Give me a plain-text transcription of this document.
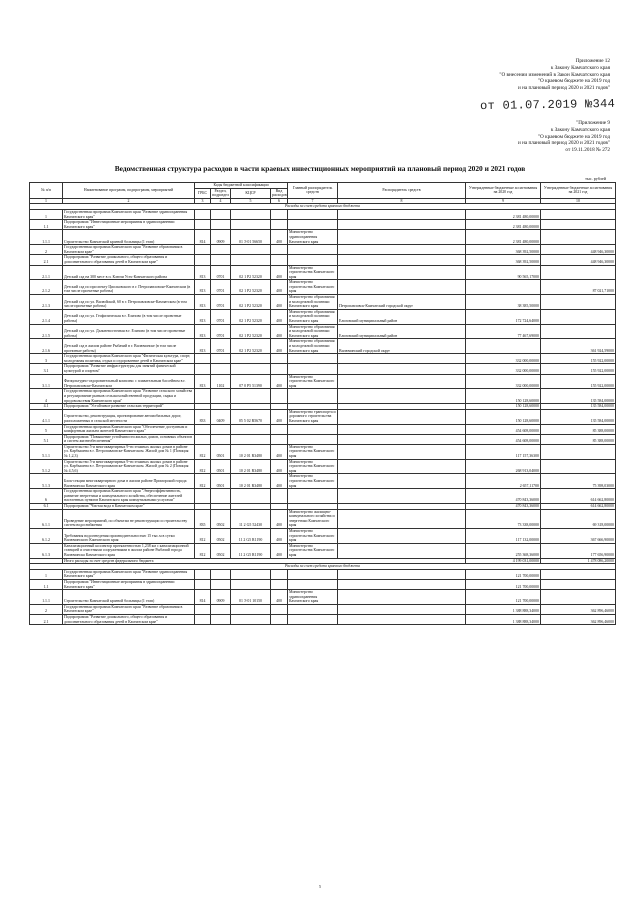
Приложение 12
к Закону Камчатского края
"О внесении изменений в Закон Камчатского края
"О краевом бюджете на 2019 год
и на плановый период 2020 и 2021 годов"
от 01.07.2019 №344
"Приложение 9
к Закону Камчатского края
"О краевом бюджете на 2019 год
и на плановый период 2020 и 2021 годов"
от 19.11.2018 № 272
Ведомственная структура расходов в части краевых инвестиционных мероприятий на плановый период 2020 и 2021 годов
тыс. рублей
№ п/п	Наименование программ, подпрограмм, мероприятий	Коды бюджетной классификации				Главный распорядитель средств	Распорядитель средств	Утвержденные бюджетные ассигнования на 2020 год	Утвержденные бюджетные ассигнования на 2021 год
		ГРБС	Раздел, подраздел	КЦСР	Вид расходов				
1	2	3	4	5	6	7	8	9	10
Расходы за счет средств краевого бюджета									
1	Государственная программа Камчатского края "Развитие здравоохранения Камчатского края"							2 381 480,00000	
1.1	Подпрограмма "Инвестиционные мероприятия в здравоохранении Камчатского края"							2 381 480,00000	
1.1.1	Строительство Камчатской краевой больницы (1 этап)	814	0909	01 Э 01 56650	400	Министерство здравоохранения Камчатского края		2 381 480,00000	
2	Государственная программа Камчатского края "Развитие образования в Камчатском крае"							368 392,50000	448 946,30000
2.1	Подпрограмма "Развитие дошкольного, общего образования и дополнительного образования детей в Камчатском крае"							368 392,50000	448 946,30000
2.1.1	Детский сад на 300 мест в п. Ключи Усть-Камчатского района	813	0701	02 1 Р2 52320	400	Министерство строительства Камчатского края		90 565,17000	
2.1.2	Детский сад по проспекту Циолковского в г. Петропавловске-Камчатском (в том числе проектные работы)	813	0701	02 1 Р2 52320	400	Министерство строительства Камчатского края			87 021,71000
2.1.3	Детский сад по ул. Вилюйской, 60 в г. Петропавловске-Камчатском (в том числе проектные работы)	813	0701	02 1 Р2 52320	400	Министерство образования и молодежной политики Камчатского края	Петропавловск-Камчатский городской округ	38 385,50000	
2.1.4	Детский сад по ул. Геофизическая в г. Елизово (в том числе проектные работы)	813	0701	02 1 Р2 52320	400	Министерство образования и молодежной политики Камчатского края	Елизовский муниципальный район	172 724,64000	
2.1.5	Детский сад по ул. Дальневосточная в г. Елизово (в том числе проектные работы)	813	0701	02 1 Р2 52320	400	Министерство образования и молодежной политики Камчатского края	Елизовский муниципальный район	77 467,69000	
2.1.6	Детский сад в жилом районе Рыбачий в г. Вилючинске (в том числе проектные работы)	813	0701	02 1 Р2 52320	400	Министерство образования и молодежной политики Камчатского края	Вилючинский городской округ		361 924,59000
3	Государственная программа Камчатского края "Физическая культура, спорт, молодежная политика, отдых и оздоровление детей в Камчатском крае"							332 000,00000	155 922,00000
3.1	Подпрограмма "Развитие инфраструктуры для занятий физической культурой и спортом"							332 000,00000	155 922,00000
3.1.1	Физкультурно-оздоровительный комплекс с плавательным бассейном в г. Петропавловске-Камчатском	813	1102	07 0 P5 51390	400	Министерство строительства Камчатского края		332 000,00000	155 922,00000
4	Государственная программа Камчатского края "Развитие сельского хозяйства и регулирование рынков сельскохозяйственной продукции, сырья и продовольствия Камчатского края"							150 128,60000	135 584,00000
4.1	Подпрограмма "Устойчивое развитие сельских территорий"							150 128,60000	135 584,00000
4.1.1	Строительство, реконструкция, проектирование автомобильных дорог, расположенных в сельской местности	833	0409	05 5 02 R5670	400	Министерство транспорта и дорожного строительства Камчатского края		150 128,60000	135 584,00000
5	Государственная программа Камчатского края "Обеспечение доступным и комфортным жильем жителей Камчатского края"							454 608,00000	85 388,00000
5.1	Подпрограмма "Повышение устойчивости жилых домов, основных объектов и систем жизнеобеспечения"							454 608,00000	85 388,00000
5.1.1	Строительство 5-и многоквартирных 9-ти этажных жилых домов в районе ул. Карбышева в г. Петропавловске-Камчатском. Жилой дом № 1 (Позиция № 1,2,3)	812	0501	10 2 01 R3480	400	Министерство строительства Камчатского края		117 157,36300	
5.1.2	Строительство 5-и многоквартирных 9-ти этажных жилых домов в районе ул. Карбышева в г. Петропавловске-Камчатском. Жилой дом № 2 (Позиция № 4,5,6)	812	0501	10 2 01 R3480	400	Министерство строительства Камчатского края		268 913,04000	
5.1.3	Блок-секции многоквартирного дома в жилом районе Приморский города Вилючинска Камчатского края	812	0501	10 2 01 R3480	400	Министерство строительства Камчатского края		2 657,11700	75 398,03000
6	Государственная программа Камчатского края "Энергоэффективность, развитие энергетики и коммунального хозяйства, обеспечение жителей населенных пунктов Камчатского края коммунальными услугами"							470 843,36000	614 662,80000
6.1	Подпрограмма "Чистая вода в Камчатском крае"							470 843,36000	614 662,80000
6.1.1	Проведение мероприятий, по объектам не реконструкции и строительству систем водоснабжения	835	0502	11 2 G5 52430	400	Министерство жилищно-коммунального хозяйства и энергетики Камчатского края		73 338,00000	69 318,00000
6.1.2	Требования водоотведения производительностью 15 тыс.м в сутки Вилючинского Камчатского края	812	0502	11 2 G5 R1190	400	Министерство строительства Камчатского края		117 132,00000	367 666,90000
6.1.3	Канализационный коллектор протяженностью 1,238 км с канализационной станцией и очистными сооружениями в жилом районе Рыбачий города Вилючинска Камчатского края	812	0502	11 2 G5 R1190	400	Министерство строительства Камчатского края		255 368,36000	177 656,90000
	Итого расходы за счет средств федерального бюджета							4 199 031,00000	1 478 086,20000
Расходы за счет средств краевого бюджета									
1	Государственная программа Камчатского края "Развитие здравоохранения Камчатского края"							121 700,00000	
1.1	Подпрограмма "Инвестиционные мероприятия в здравоохранении Камчатского края"							121 700,00000	
1.1.1	Строительство Камчатской краевой больницы (1 этап)	814	0909	01 Э 01 10150	400	Министерство здравоохранения Камчатского края		121 700,00000	
2	Государственная программа Камчатского края "Развитие образования в Камчатском крае"							1 388 888,34000	362 896,46000
2.1	Подпрограмма "Развитие дошкольного, общего образования и дополнительного образования детей в Камчатском крае"							1 388 888,34000	362 896,46000
5
